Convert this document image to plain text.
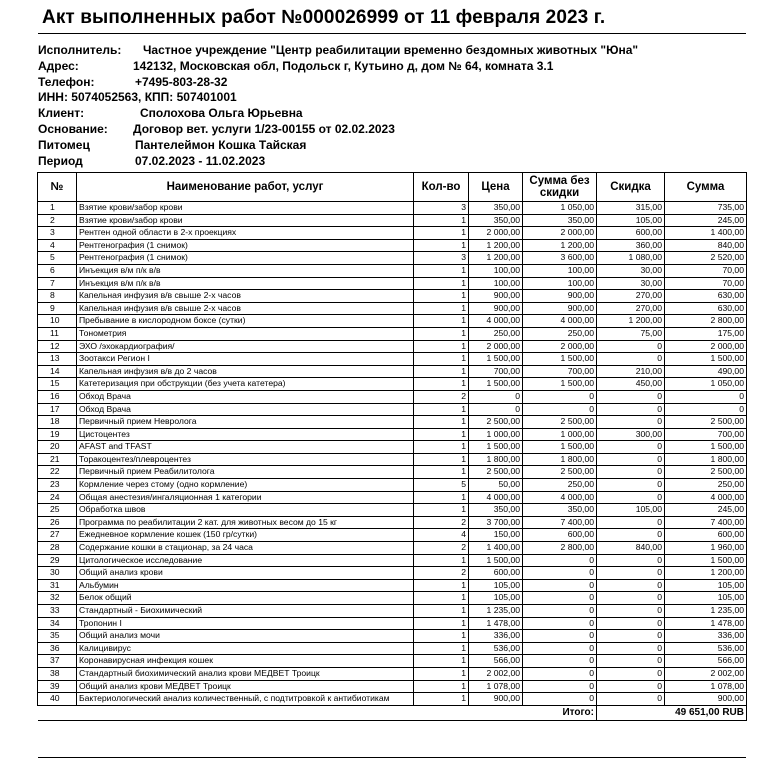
Акт выполненных работ №000026999 от 11 февраля 2023 г.
Исполнитель: Частное учреждение "Центр реабилитации временно бездомных животных "Юна"
Адрес:	142132, Московская обл, Подольск г, Кутьино д, дом № 64, комната 3.1
Телефон:	+7495-803-28-32
ИНН: 5074052563, КПП: 507401001
Клиент:	Сполохова Ольга Юрьевна
Основание: Договор вет. услуги 1/23-00155 от 02.02.2023
Питомец	Пантелеймон Кошка Тайская
Период	07.02.2023 - 11.02.2023
№	Наименование работ, услуг	Кол-во	Цена	Сумма без скидки	Скидка	Сумма
1	Взятие крови/забор крови	3	350,00	1 050,00	315,00	735,00
2	Взятие крови/забор крови	1	350,00	350,00	105,00	245,00
3	Рентген одной области в 2-х проекциях	1	2 000,00	2 000,00	600,00	1 400,00
4	Рентгенография (1 снимок)	1	1 200,00	1 200,00	360,00	840,00
5	Рентгенография (1 снимок)	3	1 200,00	3 600,00	1 080,00	2 520,00
6	Инъекция в/м п/к в/в	1	100,00	100,00	30,00	70,00
7	Инъекция в/м п/к в/в	1	100,00	100,00	30,00	70,00
8	Капельная инфузия в/в свыше 2-х часов	1	900,00	900,00	270,00	630,00
9	Капельная инфузия в/в свыше 2-х часов	1	900,00	900,00	270,00	630,00
10	Пребывание в кислородном боксе (сутки)	1	4 000,00	4 000,00	1 200,00	2 800,00
11	Тонометрия	1	250,00	250,00	75,00	175,00
12	ЭХО /эхокардиография/	1	2 000,00	2 000,00	0	2 000,00
13	Зоотакси Регион I	1	1 500,00	1 500,00	0	1 500,00
14	Капельная инфузия в/в до 2 часов	1	700,00	700,00	210,00	490,00
15	Катетеризация при обструкции (без учета катетера)	1	1 500,00	1 500,00	450,00	1 050,00
16	Обход Врача	2	0	0	0	0
17	Обход Врача	1	0	0	0	0
18	Первичный прием Невролога	1	2 500,00	2 500,00	0	2 500,00
19	Цистоцентез	1	1 000,00	1 000,00	300,00	700,00
20	AFAST and TFAST	1	1 500,00	1 500,00	0	1 500,00
21	Торакоцентез/плевроцентез	1	1 800,00	1 800,00	0	1 800,00
22	Первичный прием Реабилитолога	1	2 500,00	2 500,00	0	2 500,00
23	Кормление через стому (одно кормление)	5	50,00	250,00	0	250,00
24	Общая анестезия/ингаляционная 1 категории	1	4 000,00	4 000,00	0	4 000,00
25	Обработка швов	1	350,00	350,00	105,00	245,00
26	Программа по реабилитации 2 кат. для животных весом до 15 кг	2	3 700,00	7 400,00	0	7 400,00
27	Ежедневное кормление кошек (150 гр/сутки)	4	150,00	600,00	0	600,00
28	Содержание кошки в стационар, за 24 часа	2	1 400,00	2 800,00	840,00	1 960,00
29	Цитологическое исследование	1	1 500,00	0	0	1 500,00
30	Общий анализ крови	2	600,00	0	0	1 200,00
31	Альбумин	1	105,00	0	0	105,00
32	Белок общий	1	105,00	0	0	105,00
33	Стандартный - Биохимический	1	1 235,00	0	0	1 235,00
34	Тропонин I	1	1 478,00	0	0	1 478,00
35	Общий анализ мочи	1	336,00	0	0	336,00
36	Калицивирус	1	536,00	0	0	536,00
37	Коронавирусная инфекция кошек	1	566,00	0	0	566,00
38	Стандартный биохимический анализ крови МЕДВЕТ Троицк	1	2 002,00	0	0	2 002,00
39	Общий анализ крови МЕДВЕТ Троицк	1	1 078,00	0	0	1 078,00
40	Бактериологический анализ количественный, с подтитровкой к антибиотикам	1	900,00	0	0	900,00
				Итого:	49 651,00 RUB	
